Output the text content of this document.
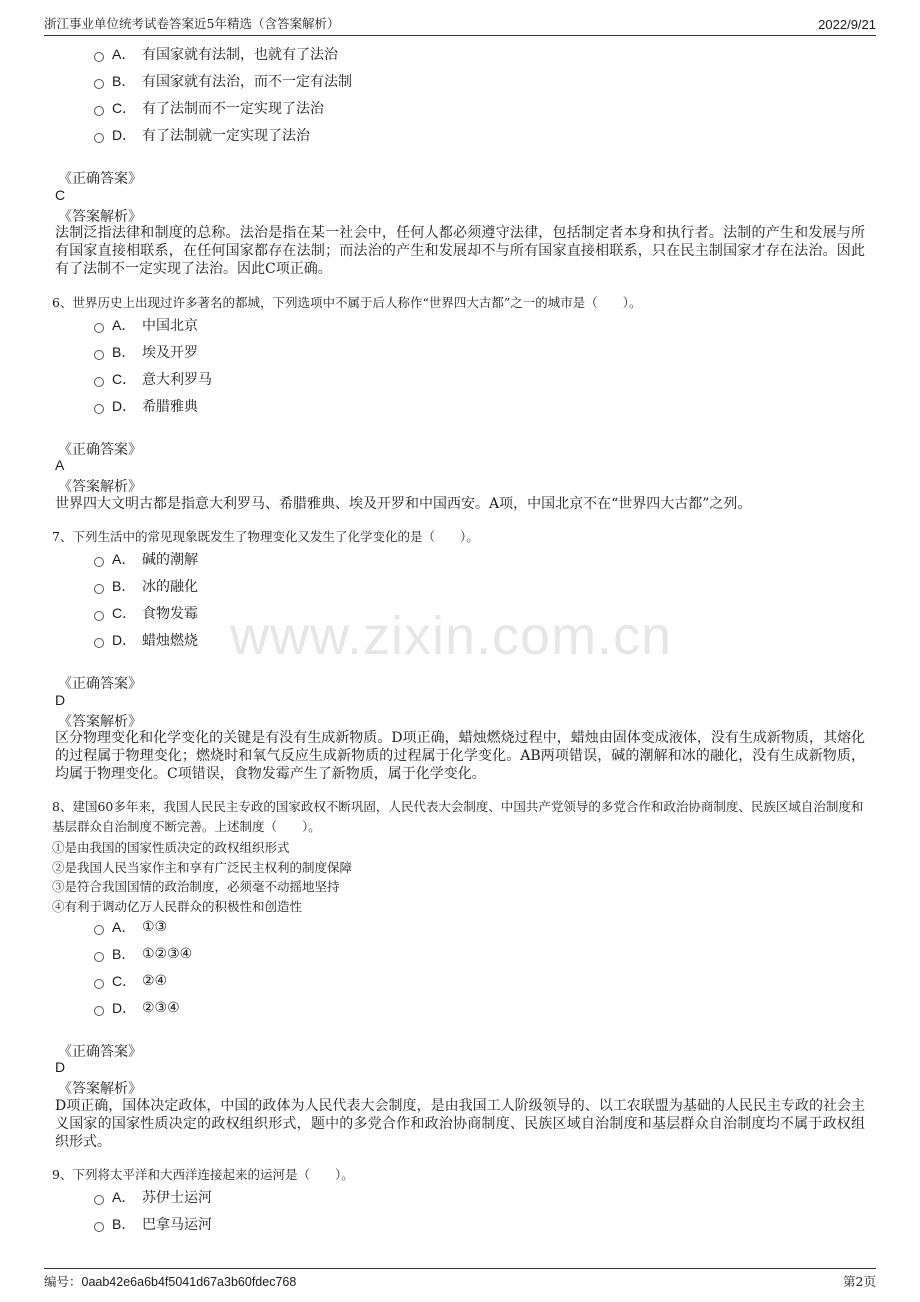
浙江事业单位统考试卷答案近5年精选（含答案解析）	2022/9/21
www.zixin.com.cn
A． 有国家就有法制，也就有了法治
B． 有国家就有法治，而不一定有法制
C． 有了法制而不一定实现了法治
D． 有了法制就一定实现了法治
《正确答案》
C
《答案解析》
法制泛指法律和制度的总称。法治是指在某一社会中，任何人都必须遵守法律，包括制定者本身和执行者。法制的产生和发展与所有国家直接相联系，在任何国家都存在法制；而法治的产生和发展却不与所有国家直接相联系，只在民主制国家才存在法治。因此有了法制不一定实现了法治。因此C项正确。
6、世界历史上出现过许多著名的都城，下列选项中不属于后人称作“世界四大古都”之一的城市是（　　）。
A． 中国北京
B． 埃及开罗
C． 意大利罗马
D． 希腊雅典
《正确答案》
A
《答案解析》
世界四大文明古都是指意大利罗马、希腊雅典、埃及开罗和中国西安。A项，中国北京不在“世界四大古都”之列。
7、下列生活中的常见现象既发生了物理变化又发生了化学变化的是（　　）。
A． 碱的潮解
B． 冰的融化
C． 食物发霉
D． 蜡烛燃烧
《正确答案》
D
《答案解析》
区分物理变化和化学变化的关键是有没有生成新物质。D项正确，蜡烛燃烧过程中，蜡烛由固体变成液体，没有生成新物质，其熔化的过程属于物理变化；燃烧时和氧气反应生成新物质的过程属于化学变化。AB两项错误，碱的潮解和冰的融化，没有生成新物质，均属于物理变化。C项错误，食物发霉产生了新物质，属于化学变化。
8、建国60多年来，我国人民民主专政的国家政权不断巩固，人民代表大会制度、中国共产党领导的多党合作和政治协商制度、民族区域自治制度和基层群众自治制度不断完善。上述制度（　　）。
①是由我国的国家性质决定的政权组织形式
②是我国人民当家作主和享有广泛民主权利的制度保障
③是符合我国国情的政治制度，必须毫不动摇地坚持
④有利于调动亿万人民群众的积极性和创造性
A． ①③
B． ①②③④
C． ②④
D． ②③④
《正确答案》
D
《答案解析》
D项正确，国体决定政体，中国的政体为人民代表大会制度，是由我国工人阶级领导的、以工农联盟为基础的人民民主专政的社会主义国家的国家性质决定的政权组织形式，题中的多党合作和政治协商制度、民族区域自治制度和基层群众自治制度均不属于政权组织形式。
9、下列将太平洋和大西洋连接起来的运河是（　　）。
A． 苏伊士运河
B． 巴拿马运河
编号：0aab42e6a6b4f5041d67a3b60fdec768	第2页
